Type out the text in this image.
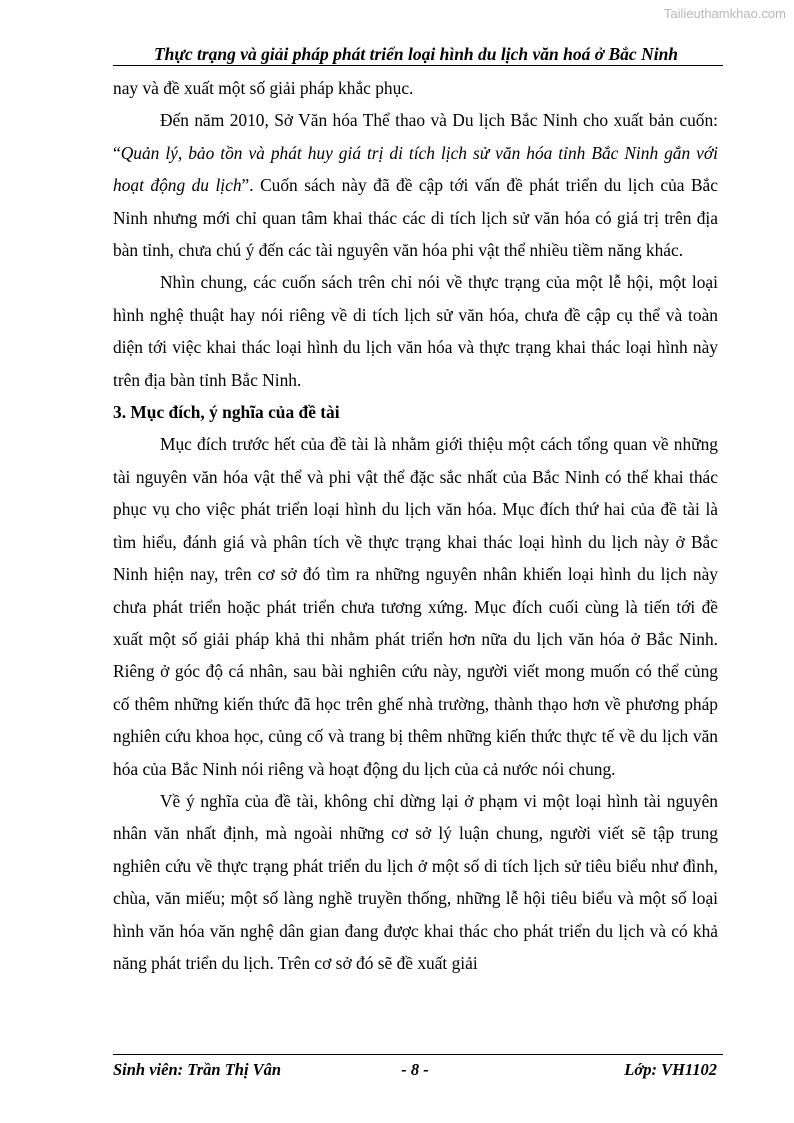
Tailieuthamkhao.com
Thực trạng và giải pháp phát triển loại hình du lịch văn hoá ở Bắc Ninh

nay và đề xuất một số giải pháp khắc phục.

Đến năm 2010, Sở Văn hóa Thể thao và Du lịch Bắc Ninh cho xuất bản cuốn: “Quản lý, bảo tồn và phát huy giá trị di tích lịch sử văn hóa tỉnh Bắc Ninh gắn với hoạt động du lịch”. Cuốn sách này đã đề cập tới vấn đề phát triển du lịch của Bắc Ninh nhưng mới chỉ quan tâm khai thác các di tích lịch sử văn hóa có giá trị trên địa bàn tỉnh, chưa chú ý đến các tài nguyên văn hóa phi vật thể nhiều tiềm năng khác.

Nhìn chung, các cuốn sách trên chỉ nói về thực trạng của một lễ hội, một loại hình nghệ thuật hay nói riêng về di tích lịch sử văn hóa, chưa đề cập cụ thể và toàn diện tới việc khai thác loại hình du lịch văn hóa và thực trạng khai thác loại hình này trên địa bàn tỉnh Bắc Ninh.

3. Mục đích, ý nghĩa của đề tài

Mục đích trước hết của đề tài là nhằm giới thiệu một cách tổng quan về những tài nguyên văn hóa vật thể và phi vật thể đặc sắc nhất của Bắc Ninh có thể khai thác phục vụ cho việc phát triển loại hình du lịch văn hóa. Mục đích thứ hai của đề tài là tìm hiểu, đánh giá và phân tích về thực trạng khai thác loại hình du lịch này ở Bắc Ninh hiện nay, trên cơ sở đó tìm ra những nguyên nhân khiến loại hình du lịch này chưa phát triển hoặc phát triển chưa tương xứng. Mục đích cuối cùng là tiến tới đề xuất một số giải pháp khả thi nhằm phát triển hơn nữa du lịch văn hóa ở Bắc Ninh. Riêng ở góc độ cá nhân, sau bài nghiên cứu này, người viết mong muốn có thể củng cố thêm những kiến thức đã học trên ghế nhà trường, thành thạo hơn về phương pháp nghiên cứu khoa học, củng cố và trang bị thêm những kiến thức thực tế về du lịch văn hóa của Bắc Ninh nói riêng và hoạt động du lịch của cả nước nói chung.

Về ý nghĩa của đề tài, không chỉ dừng lại ở phạm vi một loại hình tài nguyên nhân văn nhất định, mà ngoài những cơ sở lý luận chung, người viết sẽ tập trung nghiên cứu về thực trạng phát triển du lịch ở một số di tích lịch sử tiêu biểu như đình, chùa, văn miếu; một số làng nghề truyền thống, những lễ hội tiêu biểu và một số loại hình văn hóa văn nghệ dân gian đang được khai thác cho phát triển du lịch và có khả năng phát triển du lịch. Trên cơ sở đó sẽ đề xuất giải

Sinh viên: Trần Thị Vân	- 8 -	Lớp: VH1102
